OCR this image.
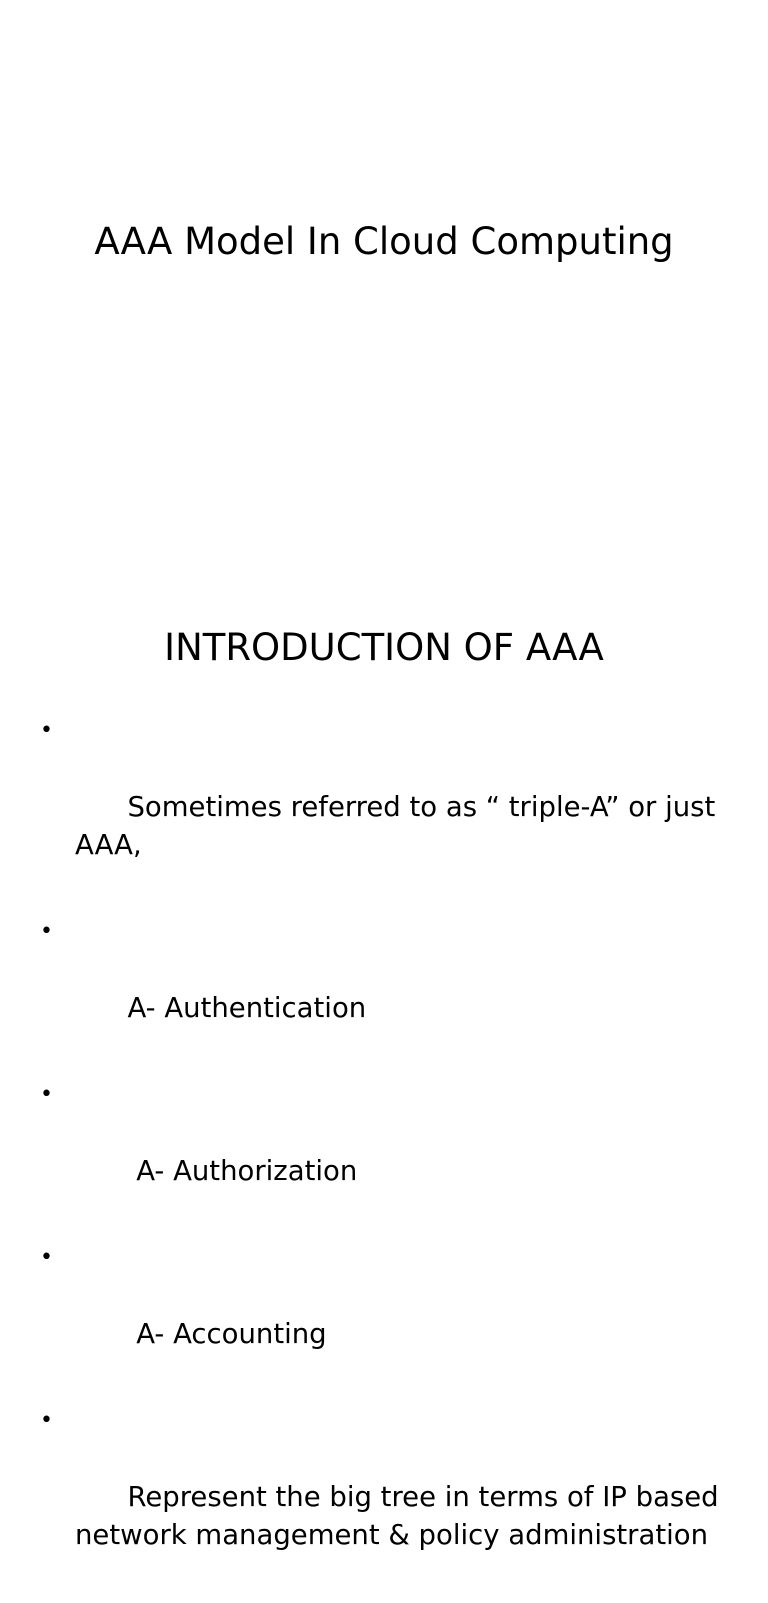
AAA Model In Cloud Computing
INTRODUCTION OF AAA

•

Sometimes referred to as “ triple-A” or just AAA,

•

A- Authentication

•

A- Authorization

•

A- Accounting

•

Represent the big tree in terms of IP based network management & policy administration
